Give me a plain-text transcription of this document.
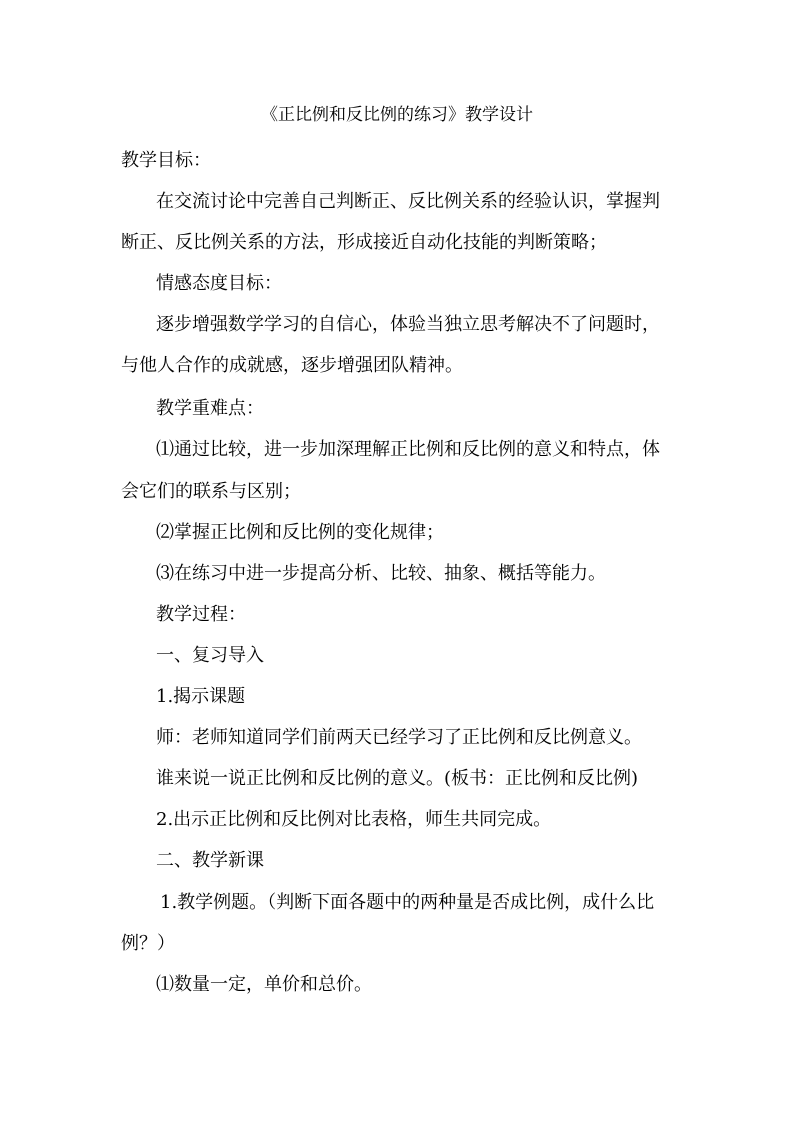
《正比例和反比例的练习》教学设计
教学目标：
在交流讨论中完善自己判断正、反比例关系的经验认识，掌握判
断正、反比例关系的方法，形成接近自动化技能的判断策略；
情感态度目标：
逐步增强数学学习的自信心，体验当独立思考解决不了问题时，
与他人合作的成就感，逐步增强团队精神。
教学重难点：
⑴通过比较，进一步加深理解正比例和反比例的意义和特点，体
会它们的联系与区别；
⑵掌握正比例和反比例的变化规律；
⑶在练习中进一步提高分析、比较、抽象、概括等能力。
教学过程：
一、复习导入
1.揭示课题
师：老师知道同学们前两天已经学习了正比例和反比例意义。
谁来说一说正比例和反比例的意义。(板书：正比例和反比例)
2.出示正比例和反比例对比表格，师生共同完成。
二、教学新课
1.教学例题。（判断下面各题中的两种量是否成比例，成什么比
例？）
⑴数量一定，单价和总价。
